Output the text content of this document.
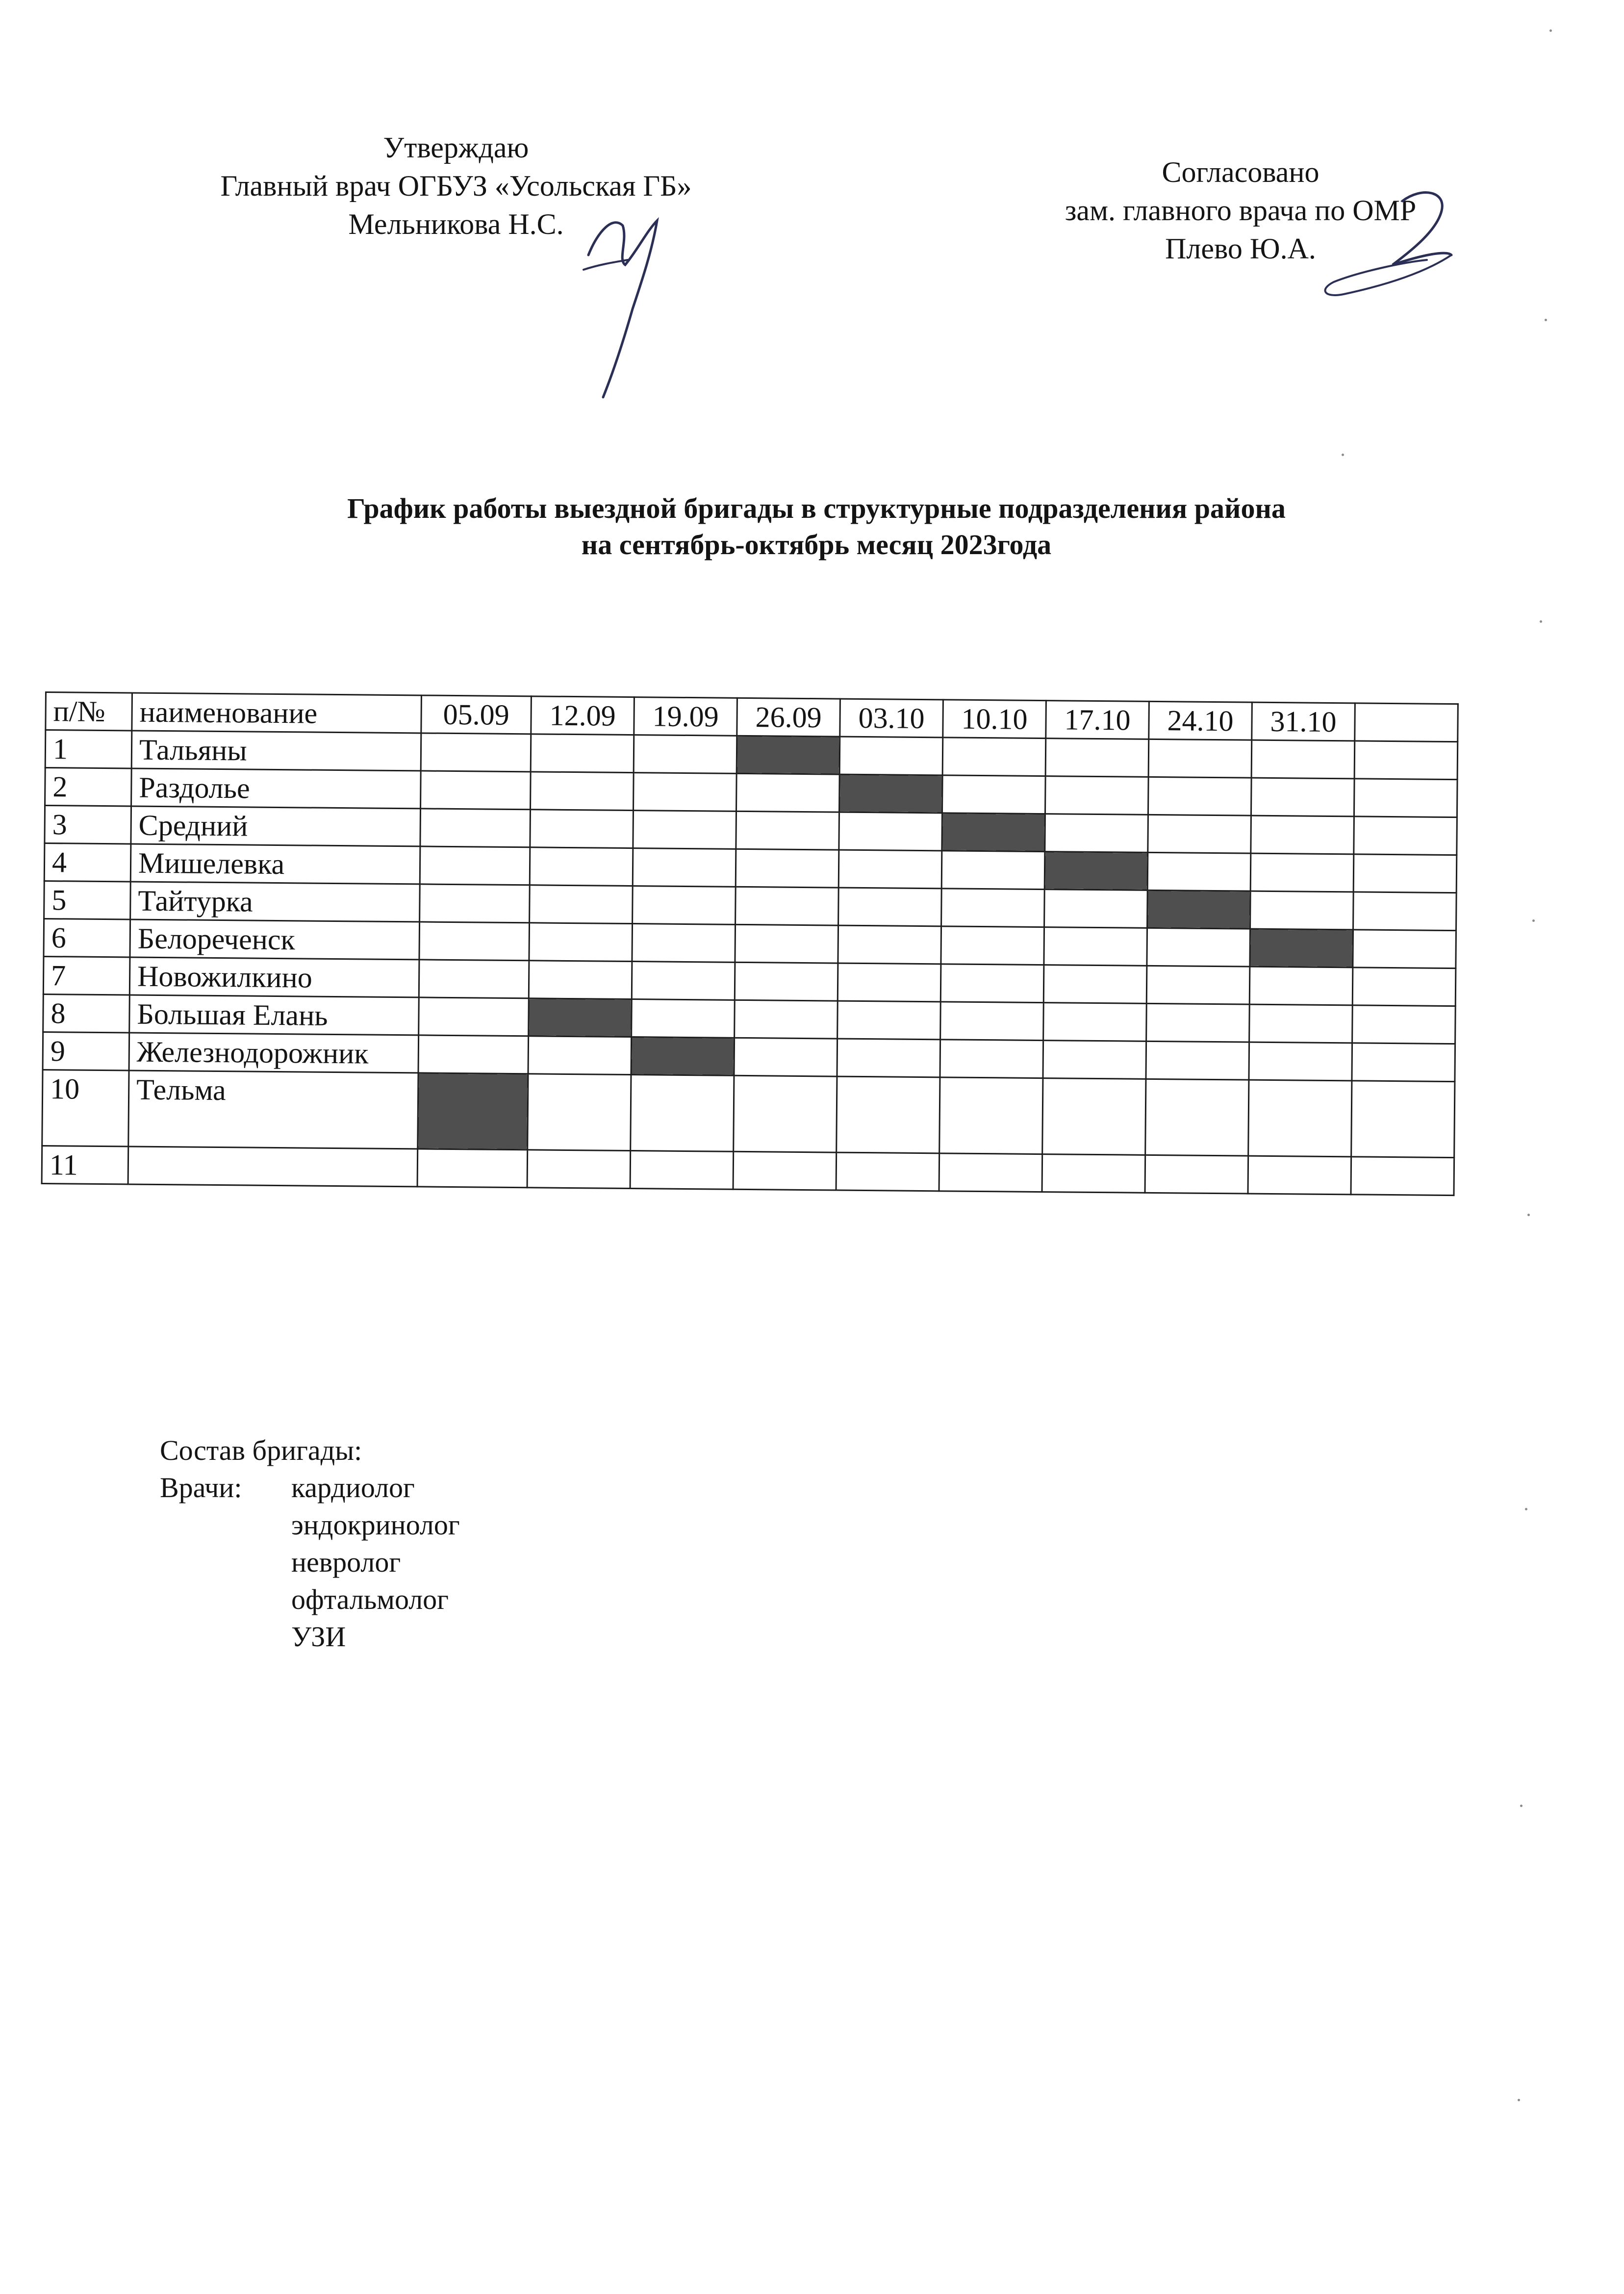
Утверждаю
Главный врач ОГБУЗ «Усольская ГБ»
Мельникова Н.С.
Согласовано
зам. главного врача по ОМР
Плево Ю.А.
График работы выездной бригады в структурные подразделения района
на сентябрь-октябрь месяц 2023года
п/№	наименование	05.09	12.09	19.09	26.09	03.10	10.10	17.10	24.10	31.10	
1	Тальяны										
2	Раздолье										
3	Средний										
4	Мишелевка										
5	Тайтурка										
6	Белореченск										
7	Новожилкино										
8	Большая Елань										
9	Железнодорожник										
10	Тельма										
11											
Состав бригады:
Врачи: кардиолог
эндокринолог
невролог
офтальмолог
УЗИ
